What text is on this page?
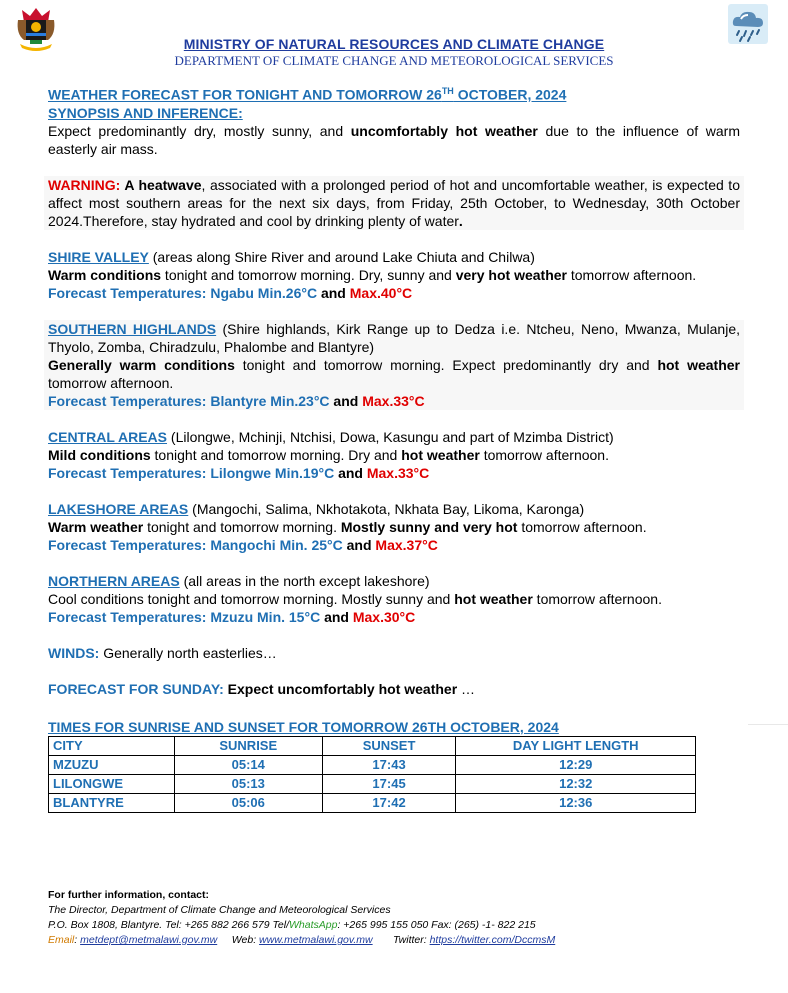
MINISTRY OF NATURAL RESOURCES AND CLIMATE CHANGE
DEPARTMENT OF CLIMATE CHANGE AND METEOROLOGICAL SERVICES
WEATHER FORECAST FOR TONIGHT AND TOMORROW 26TH OCTOBER, 2024
SYNOPSIS AND INFERENCE:
Expect predominantly dry, mostly sunny, and uncomfortably hot weather due to the influence of warm easterly air mass.
WARNING: A heatwave, associated with a prolonged period of hot and uncomfortable weather, is expected to affect most southern areas for the next six days, from Friday, 25th October, to Wednesday, 30th October 2024.Therefore, stay hydrated and cool by drinking plenty of water.
SHIRE VALLEY (areas along Shire River and around Lake Chiuta and Chilwa)
Warm conditions tonight and tomorrow morning. Dry, sunny and very hot weather tomorrow afternoon.
Forecast Temperatures: Ngabu Min.26°C and Max.40°C
SOUTHERN HIGHLANDS (Shire highlands, Kirk Range up to Dedza i.e. Ntcheu, Neno, Mwanza, Mulanje, Thyolo, Zomba, Chiradzulu, Phalombe and Blantyre)
Generally warm conditions tonight and tomorrow morning. Expect predominantly dry and hot weather tomorrow afternoon.
Forecast Temperatures: Blantyre Min.23°C and Max.33°C
CENTRAL AREAS (Lilongwe, Mchinji, Ntchisi, Dowa, Kasungu and part of Mzimba District)
Mild conditions tonight and tomorrow morning. Dry and hot weather tomorrow afternoon.
Forecast Temperatures: Lilongwe Min.19°C and Max.33°C
LAKESHORE AREAS (Mangochi, Salima, Nkhotakota, Nkhata Bay, Likoma, Karonga)
Warm weather tonight and tomorrow morning. Mostly sunny and very hot tomorrow afternoon.
Forecast Temperatures: Mangochi Min. 25°C and Max.37°C
NORTHERN AREAS (all areas in the north except lakeshore)
Cool conditions tonight and tomorrow morning. Mostly sunny and hot weather tomorrow afternoon.
Forecast Temperatures: Mzuzu Min. 15°C and Max.30°C
WINDS: Generally north easterlies…
FORECAST FOR SUNDAY: Expect uncomfortably hot weather …
TIMES FOR SUNRISE AND SUNSET FOR TOMORROW 26TH OCTOBER, 2024
CITY	SUNRISE	SUNSET	DAY LIGHT LENGTH
MZUZU	05:14	17:43	12:29
LILONGWE	05:13	17:45	12:32
BLANTYRE	05:06	17:42	12:36
For further information, contact:
The Director, Department of Climate Change and Meteorological Services
P.O. Box 1808, Blantyre. Tel: +265 882 266 579 Tel/WhatsApp: +265 995 155 050 Fax: (265) -1- 822 215
Email: metdept@metmalawi.gov.mw Web: www.metmalawi.gov.mw Twitter: https://twitter.com/DccmsM
